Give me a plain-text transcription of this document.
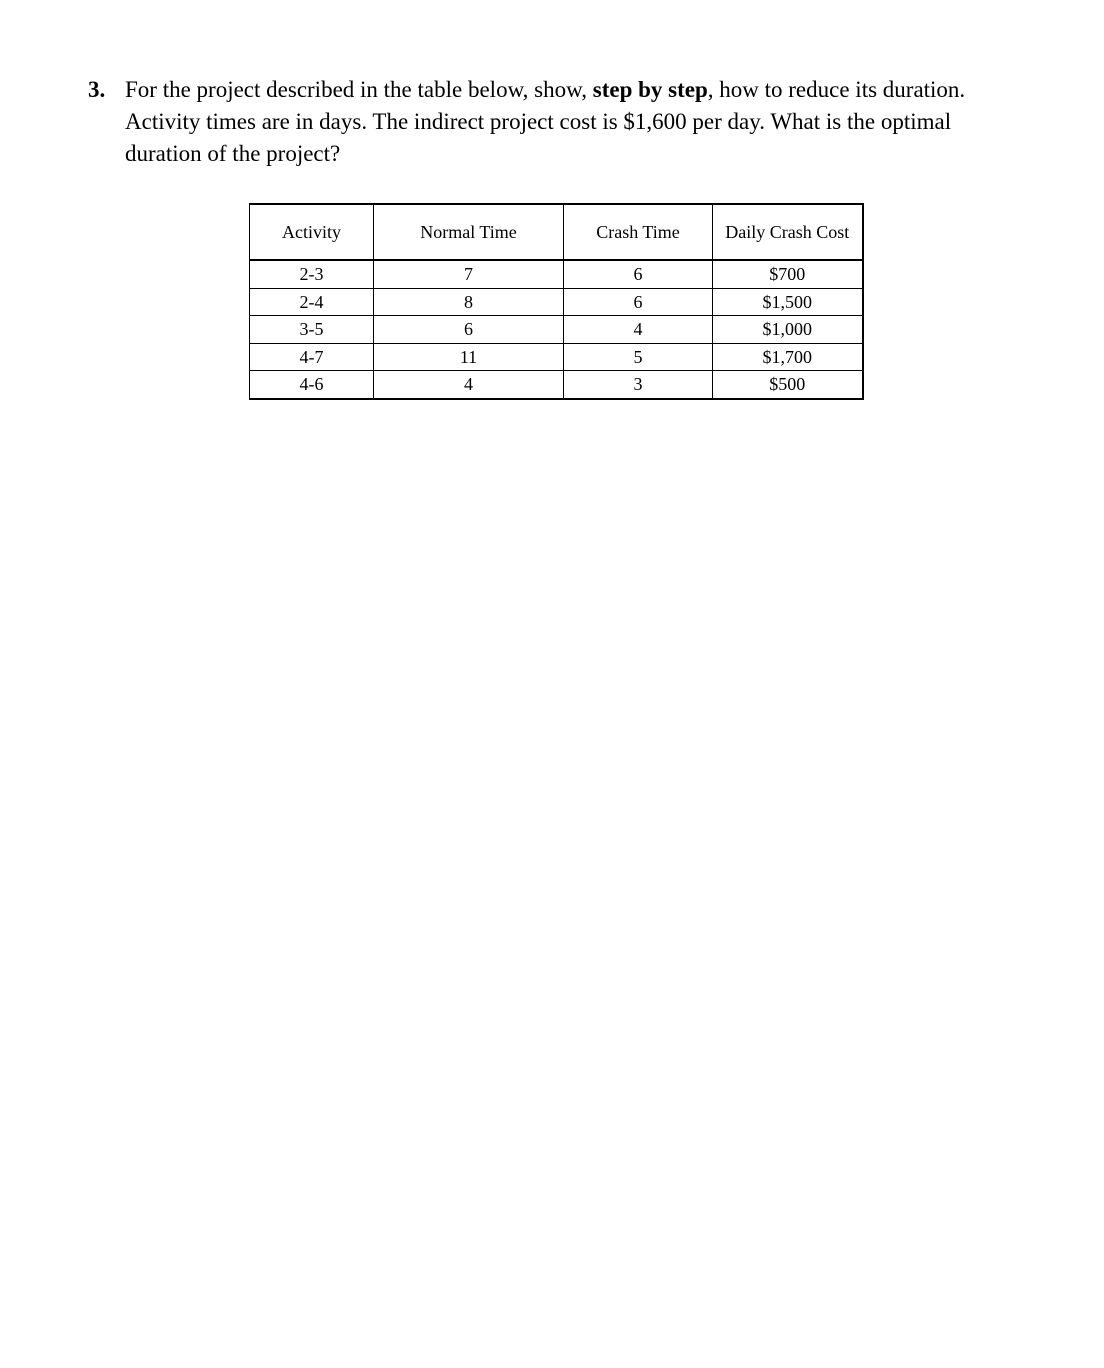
3. For the project described in the table below, show, step by step, how to reduce its duration. Activity times are in days. The indirect project cost is $1,600 per day. What is the optimal duration of the project?
Activity	Normal Time	Crash Time	Daily Crash Cost
2-3	7	6	$700
2-4	8	6	$1,500
3-5	6	4	$1,000
4-7	11	5	$1,700
4-6	4	3	$500
